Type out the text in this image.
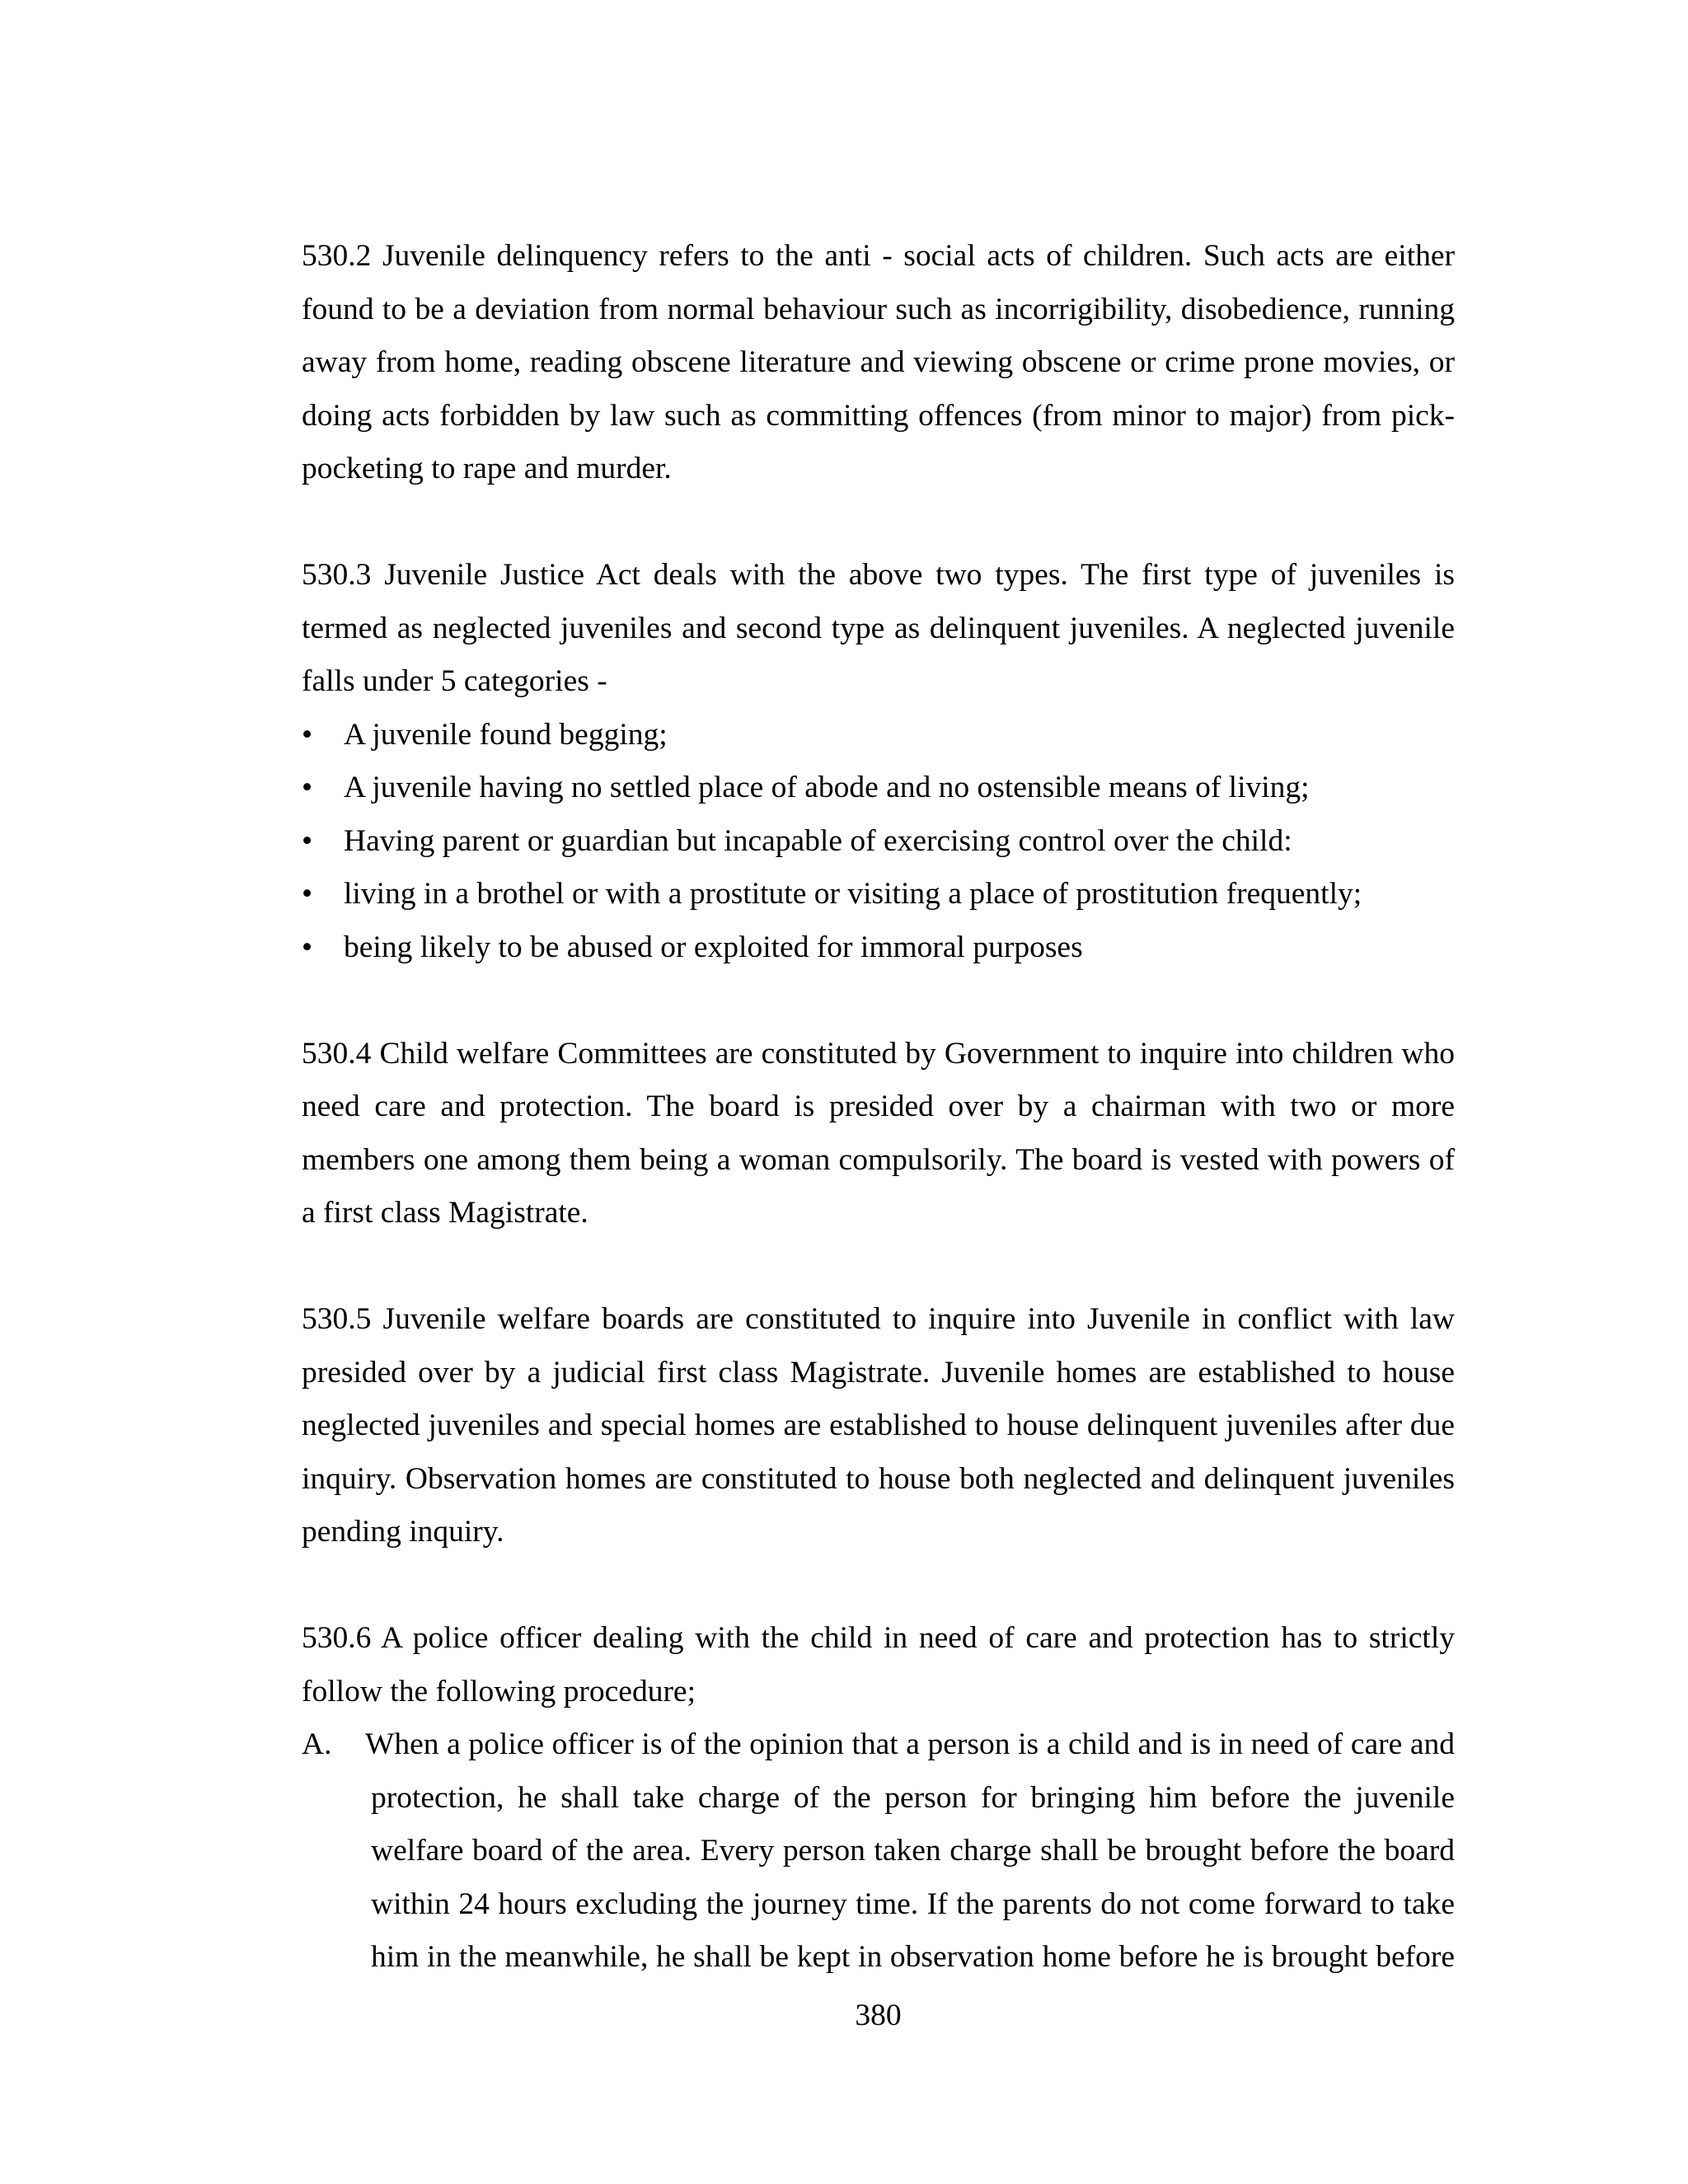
530.2 Juvenile delinquency refers to the anti - social acts of children. Such acts are either
found to be a deviation from normal behaviour such as incorrigibility, disobedience, running
away from home, reading obscene literature and viewing obscene or crime prone movies, or
doing acts forbidden by law such as committing offences (from minor to major) from pick-
pocketing to rape and murder.
530.3 Juvenile Justice Act deals with the above two types. The first type of juveniles is
termed as neglected juveniles and second type as delinquent juveniles. A neglected juvenile
falls under 5 categories -
• A juvenile found begging;
• A juvenile having no settled place of abode and no ostensible means of living;
• Having parent or guardian but incapable of exercising control over the child:
• living in a brothel or with a prostitute or visiting a place of prostitution frequently;
• being likely to be abused or exploited for immoral purposes
530.4 Child welfare Committees are constituted by Government to inquire into children who
need care and protection. The board is presided over by a chairman with two or more
members one among them being a woman compulsorily. The board is vested with powers of
a first class Magistrate.
530.5 Juvenile welfare boards are constituted to inquire into Juvenile in conflict with law
presided over by a judicial first class Magistrate. Juvenile homes are established to house
neglected juveniles and special homes are established to house delinquent juveniles after due
inquiry. Observation homes are constituted to house both neglected and delinquent juveniles
pending inquiry.
530.6 A police officer dealing with the child in need of care and protection has to strictly
follow the following procedure;
A. When a police officer is of the opinion that a person is a child and is in need of care and
protection, he shall take charge of the person for bringing him before the juvenile
welfare board of the area. Every person taken charge shall be brought before the board
within 24 hours excluding the journey time. If the parents do not come forward to take
him in the meanwhile, he shall be kept in observation home before he is brought before
380
